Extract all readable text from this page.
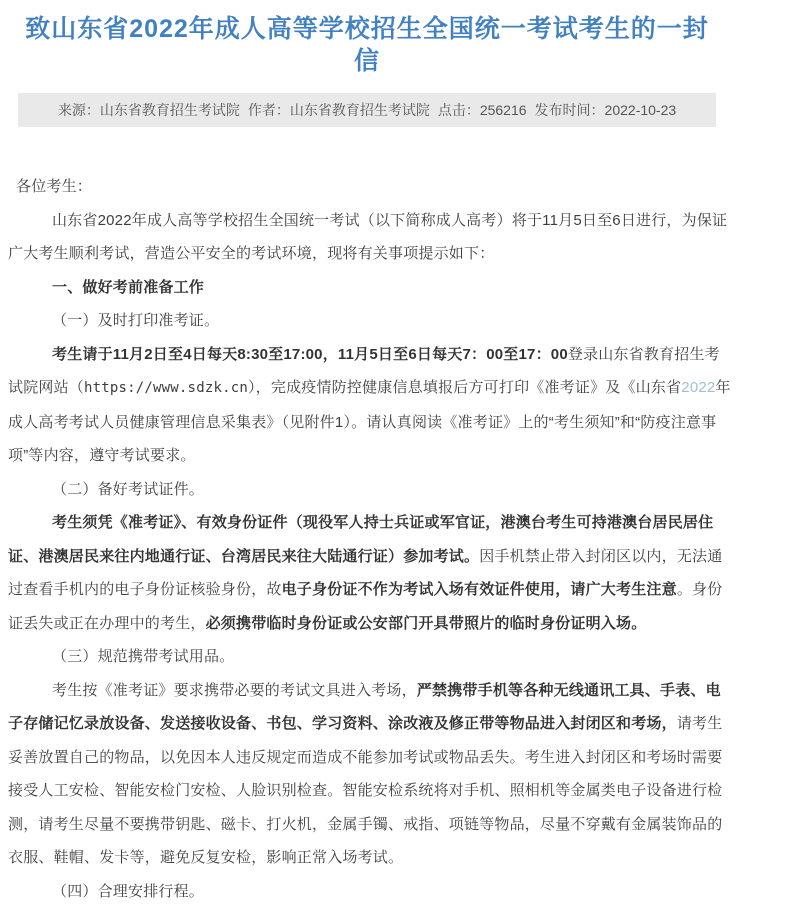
致山东省2022年成人高等学校招生全国统一考试考生的一封信
来源：山东省教育招生考试院 作者：山东省教育招生考试院 点击：256216 发布时间：2022-10-23

各位考生：

山东省2022年成人高等学校招生全国统一考试（以下简称成人高考）将于11月5日至6日进行，为保证广大考生顺利考试，营造公平安全的考试环境，现将有关事项提示如下：

一、做好考前准备工作

（一）及时打印准考证。

考生请于11月2日至4日每天8:30至17:00，11月5日至6日每天7：00至17：00登录山东省教育招生考试院网站（https://www.sdzk.cn），完成疫情防控健康信息填报后方可打印《准考证》及《山东省2022年成人高考考试人员健康管理信息采集表》（见附件1）。请认真阅读《准考证》上的“考生须知”和“防疫注意事项”等内容，遵守考试要求。

（二）备好考试证件。

考生须凭《准考证》、有效身份证件（现役军人持士兵证或军官证，港澳台考生可持港澳台居民居住证、港澳居民来往内地通行证、台湾居民来往大陆通行证）参加考试。因手机禁止带入封闭区以内，无法通过查看手机内的电子身份证核验身份，故电子身份证不作为考试入场有效证件使用，请广大考生注意。身份证丢失或正在办理中的考生，必须携带临时身份证或公安部门开具带照片的临时身份证明入场。

（三）规范携带考试用品。

考生按《准考证》要求携带必要的考试文具进入考场，严禁携带手机等各种无线通讯工具、手表、电子存储记忆录放设备、发送接收设备、书包、学习资料、涂改液及修正带等物品进入封闭区和考场，请考生妥善放置自己的物品，以免因本人违反规定而造成不能参加考试或物品丢失。考生进入封闭区和考场时需要接受人工安检、智能安检门安检、人脸识别检查。智能安检系统将对手机、照相机等金属类电子设备进行检测，请考生尽量不要携带钥匙、磁卡、打火机，金属手镯、戒指、项链等物品，尽量不穿戴有金属装饰品的衣服、鞋帽、发卡等，避免反复安检，影响正常入场考试。

（四）合理安排行程。
